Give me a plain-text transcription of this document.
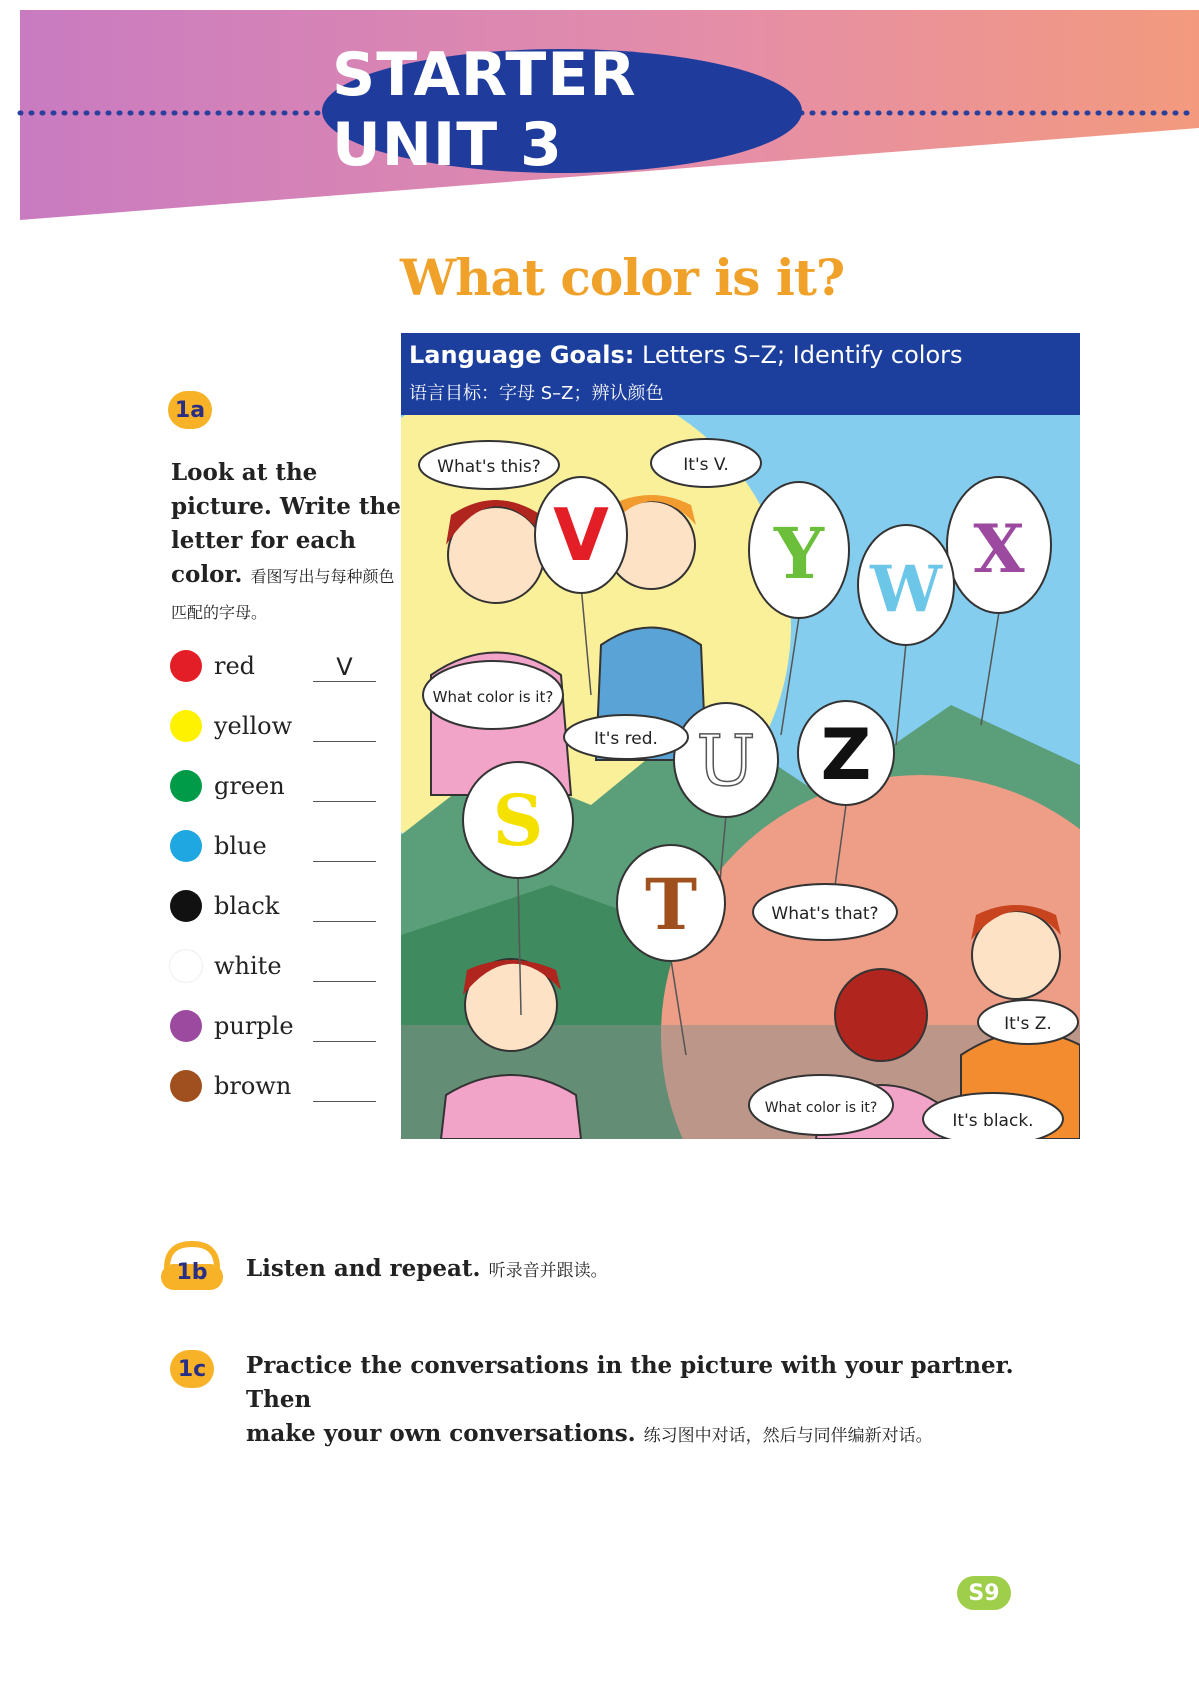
STARTER UNIT 3
What color is it?
Language Goals: Letters S–Z; Identify colors
语言目标：字母 S–Z；辨认颜色
1a
Look at the picture. Write the letter for each color. 看图写出与每种颜色匹配的字母。
red	V
yellow
green
blue
black
white
purple
brown
V Y X
W
U Z
S
T
What's this?	It's V.
What color is it?
It's red.
What's that?
It's Z.
What color is it?
It's black.
1b	Listen and repeat. 听录音并跟读。
1c	Practice the conversations in the picture with your partner. Then
make your own conversations. 练习图中对话，然后与同伴编新对话。
S9
